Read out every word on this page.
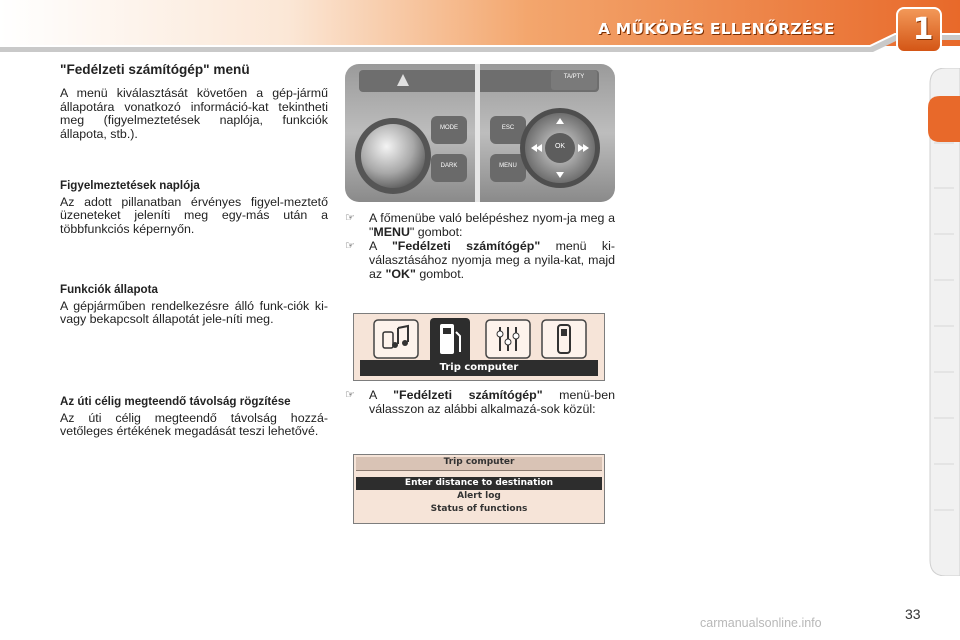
A MŰKÖDÉS ELLENŐRZÉSE	1
"Fedélzeti számítógép" menü

A menü kiválasztását követően a gép-jármű állapotára vonatkozó információ-kat tekintheti meg (figyelmeztetések naplója, funkciók állapota, stb.).

Figyelmeztetések naplója

Az adott pillanatban érvényes figyel-meztető üzeneteket jeleníti meg egy-más után a többfunkciós képernyőn.

Funkciók állapota

A gépjárműben rendelkezésre álló funk-ciók ki- vagy bekapcsolt állapotát jele-níti meg.

Az úti célig megteendő távolság rögzítése

Az úti célig megteendő távolság hozzá-vetőleges értékének megadását teszi lehetővé.

MODE
DARK
ESC
MENU
OK
TA/PTY
☞ A főmenübe való belépéshez nyom-ja meg a "MENU" gombot:
☞ A "Fedélzeti számítógép" menü ki-választásához nyomja meg a nyila-kat, majd az "OK" gombot.
☞ A "Fedélzeti számítógép" menü-ben válasszon az alábbi alkalmazá-sok közül:
Trip computer
Trip computer
Enter distance to destination
Alert log
Status of functions
33
carmanualsonline.info
